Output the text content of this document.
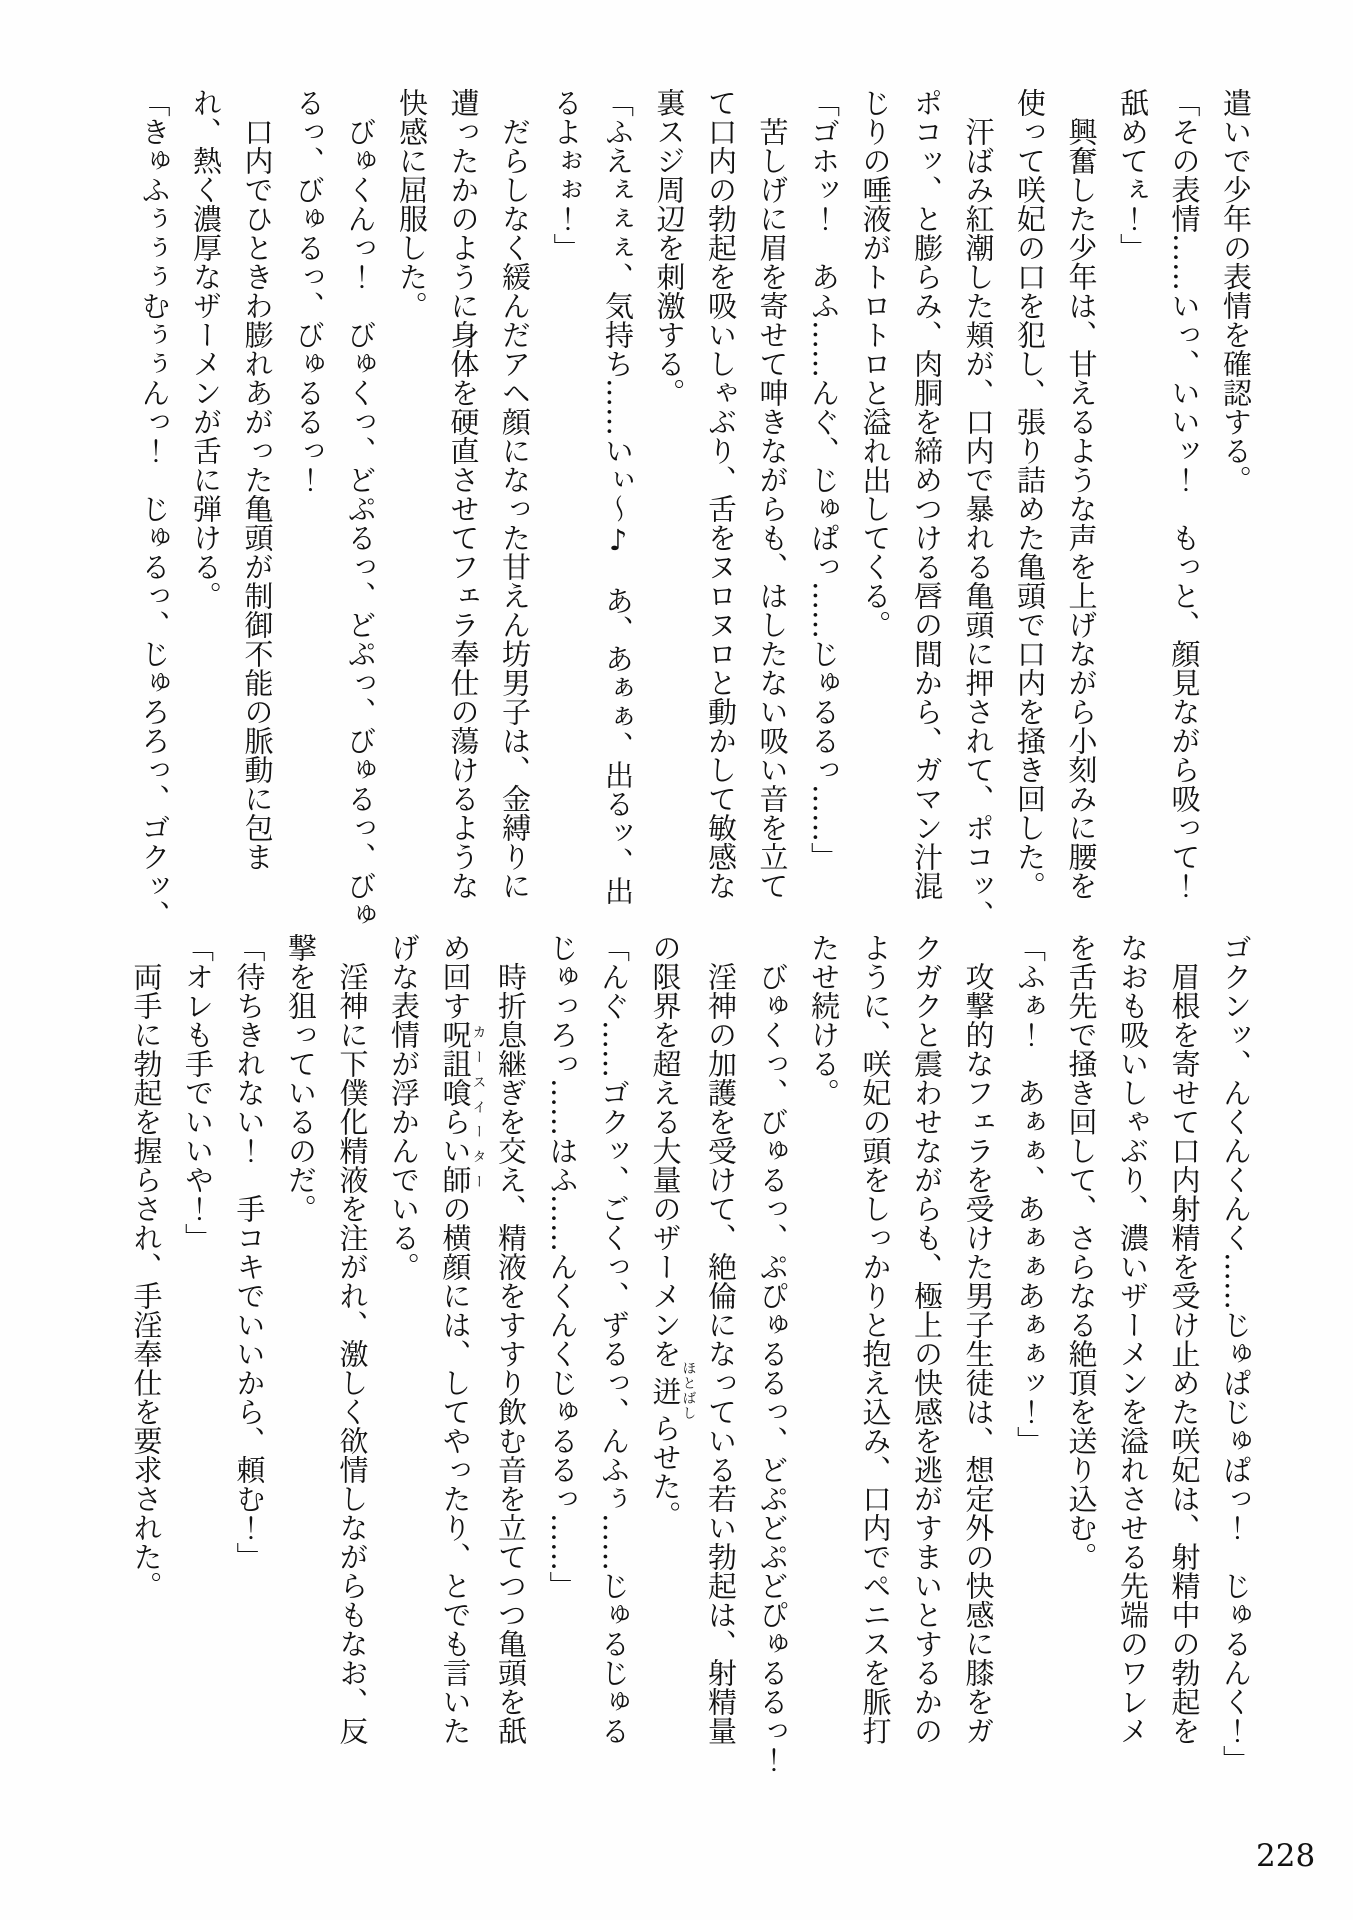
遣いで少年の表情を確認する。
「その表情……いっ、いいッ！　もっと、顔見ながら吸って！
舐めてぇ！」
　興奮した少年は、甘えるような声を上げながら小刻みに腰を
使って咲妃の口を犯し、張り詰めた亀頭で口内を掻き回した。
　汗ばみ紅潮した頬が、口内で暴れる亀頭に押されて、ポコッ、
ポコッ、と膨らみ、肉胴を締めつける唇の間から、ガマン汁混
じりの唾液がトロトロと溢れ出してくる。
「ゴホッ！　あふ……んぐ、じゅぱっ……じゅるるっ……」
　苦しげに眉を寄せて呻きながらも、はしたない吸い音を立て
て口内の勃起を吸いしゃぶり、舌をヌロヌロと動かして敏感な
裏スジ周辺を刺激する。
「ふえぇぇぇ、気持ち……いぃ～♪　あ、あぁぁ、出るッ、出
るよぉぉ！」
　だらしなく緩んだアヘ顔になった甘えん坊男子は、金縛りに
遭ったかのように身体を硬直させてフェラ奉仕の蕩けるような
快感に屈服した。
　びゅくんっ！　びゅくっ、どぷるっ、どぷっ、びゅるっ、びゅ
るっ、びゅるっ、びゅるるっ！
　口内でひときわ膨れあがった亀頭が制御不能の脈動に包ま
れ、熱く濃厚なザーメンが舌に弾ける。
「きゅふぅぅぅむぅぅんっ！　じゅるっ、じゅろろっ、ゴクッ、
ゴクンッ、んくんくんく……じゅぱじゅぱっ！　じゅるんく！」
　眉根を寄せて口内射精を受け止めた咲妃は、射精中の勃起を
なおも吸いしゃぶり、濃いザーメンを溢れさせる先端のワレメ
を舌先で掻き回して、さらなる絶頂を送り込む。
「ふぁ！　あぁぁ、あぁぁあぁぁッ！」
　攻撃的なフェラを受けた男子生徒は、想定外の快感に膝をガ
クガクと震わせながらも、極上の快感を逃がすまいとするかの
ように、咲妃の頭をしっかりと抱え込み、口内でペニスを脈打
たせ続ける。
　びゅくっ、びゅるっ、ぷぴゅるるっ、どぷどぷどぴゅるるっ！
　淫神の加護を受けて、絶倫になっている若い勃起は、射精量
の限界を超える大量のザーメンを迸ほとばしらせた。
「んぐ……ゴクッ、ごくっ、ずるっ、んふぅ……じゅるじゅる
じゅっろっ……はふ……んくんくじゅるるっ……」
　時折息継ぎを交え、精液をすすり飲む音を立てつつ亀頭を舐
め回す呪詛喰らい師カースイーターの横顔には、してやったり、とでも言いた
げな表情が浮かんでいる。
　淫神に下僕化精液を注がれ、激しく欲情しながらもなお、反
撃を狙っているのだ。
「待ちきれない！　手コキでいいから、頼む！」
「オレも手でいいや！」
　両手に勃起を握らされ、手淫奉仕を要求された。
228
